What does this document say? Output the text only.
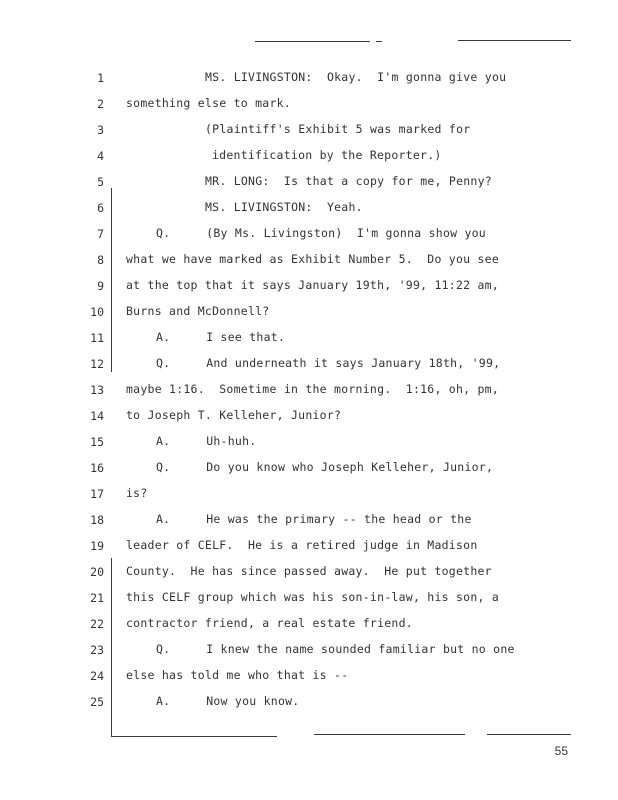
1	MS. LIVINGSTON:  Okay.  I'm gonna give you
2 something else to mark.
3	(Plaintiff's Exhibit 5 was marked for
4	identification by the Reporter.)
5	MR. LONG:  Is that a copy for me, Penny?
6	MS. LIVINGSTON:  Yeah.
7	Q.     (By Ms. Livingston)  I'm gonna show you
8 what we have marked as Exhibit Number 5.  Do you see
9 at the top that it says January 19th, '99, 11:22 am,
10 Burns and McDonnell?
11	A.     I see that.
12	Q.     And underneath it says January 18th, '99,
13 maybe 1:16.  Sometime in the morning.  1:16, oh, pm,
14 to Joseph T. Kelleher, Junior?
15	A.     Uh-huh.
16	Q.     Do you know who Joseph Kelleher, Junior,
17 is?
18	A.     He was the primary -- the head or the
19 leader of CELF.  He is a retired judge in Madison
20 County.  He has since passed away.  He put together
21 this CELF group which was his son-in-law, his son, a
22 contractor friend, a real estate friend.
23	Q.     I knew the name sounded familiar but no one
24 else has told me who that is --
25	A.     Now you know.
55
